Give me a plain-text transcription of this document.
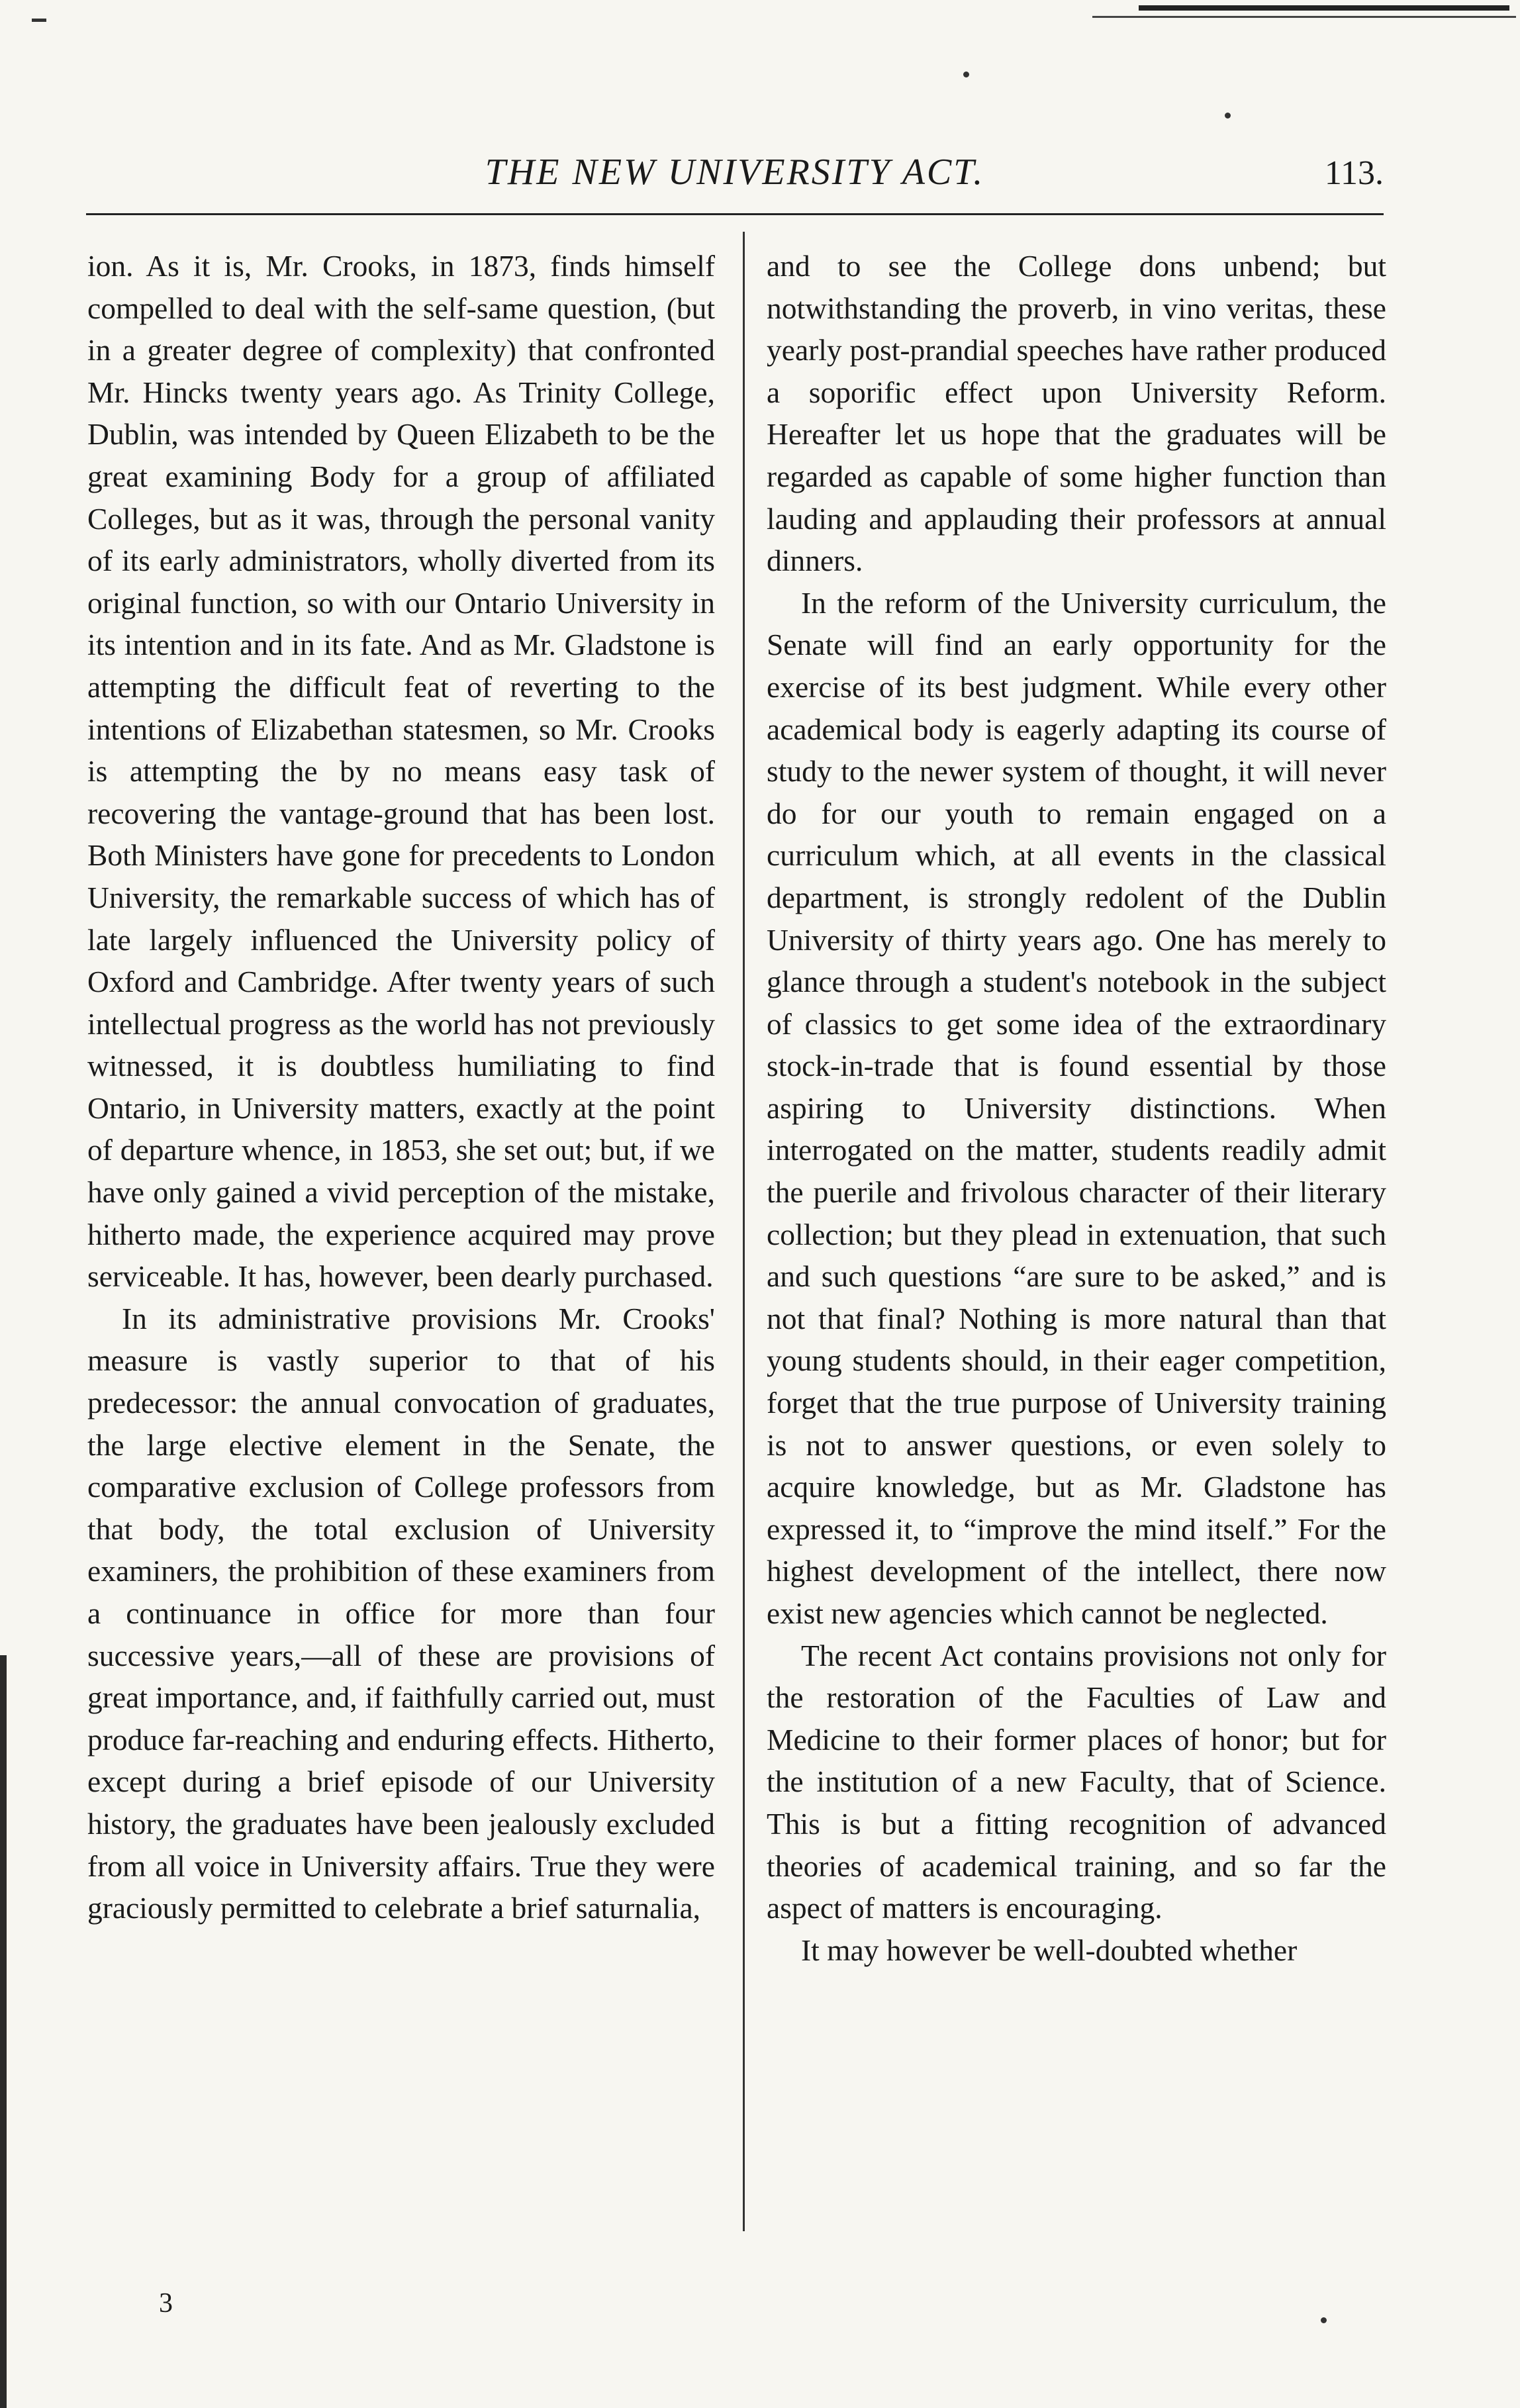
THE NEW UNIVERSITY ACT.	113.

ion. As it is, Mr. Crooks, in 1873, finds himself compelled to deal with the self-same question, (but in a greater degree of complexity) that confronted Mr. Hincks twenty years ago. As Trinity College, Dublin, was intended by Queen Elizabeth to be the great examining Body for a group of affiliated Colleges, but as it was, through the personal vanity of its early administrators, wholly diverted from its original function, so with our Ontario University in its intention and in its fate. And as Mr. Gladstone is attempting the difficult feat of reverting to the intentions of Elizabethan statesmen, so Mr. Crooks is attempting the by no means easy task of recovering the vantage-ground that has been lost. Both Ministers have gone for precedents to London University, the remarkable success of which has of late largely influenced the University policy of Oxford and Cambridge. After twenty years of such intellectual progress as the world has not previously witnessed, it is doubtless humiliating to find Ontario, in University matters, exactly at the point of departure whence, in 1853, she set out; but, if we have only gained a vivid perception of the mistake, hitherto made, the experience acquired may prove serviceable. It has, however, been dearly purchased.

In its administrative provisions Mr. Crooks' measure is vastly superior to that of his predecessor: the annual convocation of graduates, the large elective element in the Senate, the comparative exclusion of College professors from that body, the total exclusion of University examiners, the prohibition of these examiners from a continuance in office for more than four successive years,—all of these are provisions of great importance, and, if faithfully carried out, must produce far-reaching and enduring effects. Hitherto, except during a brief episode of our University history, the graduates have been jealously excluded from all voice in University affairs. True they were graciously permitted to celebrate a brief saturnalia,

and to see the College dons unbend; but notwithstanding the proverb, in vino veritas, these yearly post-prandial speeches have rather produced a soporific effect upon University Reform. Hereafter let us hope that the graduates will be regarded as capable of some higher function than lauding and applauding their professors at annual dinners.

In the reform of the University curriculum, the Senate will find an early opportunity for the exercise of its best judgment. While every other academical body is eagerly adapting its course of study to the newer system of thought, it will never do for our youth to remain engaged on a curriculum which, at all events in the classical department, is strongly redolent of the Dublin University of thirty years ago. One has merely to glance through a student's notebook in the subject of classics to get some idea of the extraordinary stock-in-trade that is found essential by those aspiring to University distinctions. When interrogated on the matter, students readily admit the puerile and frivolous character of their literary collection; but they plead in extenuation, that such and such questions “are sure to be asked,” and is not that final? Nothing is more natural than that young students should, in their eager competition, forget that the true purpose of University training is not to answer questions, or even solely to acquire knowledge, but as Mr. Gladstone has expressed it, to “improve the mind itself.” For the highest development of the intellect, there now exist new agencies which cannot be neglected.

The recent Act contains provisions not only for the restoration of the Faculties of Law and Medicine to their former places of honor; but for the institution of a new Faculty, that of Science. This is but a fitting recognition of advanced theories of academical training, and so far the aspect of matters is encouraging.

It may however be well-doubted whether

3
